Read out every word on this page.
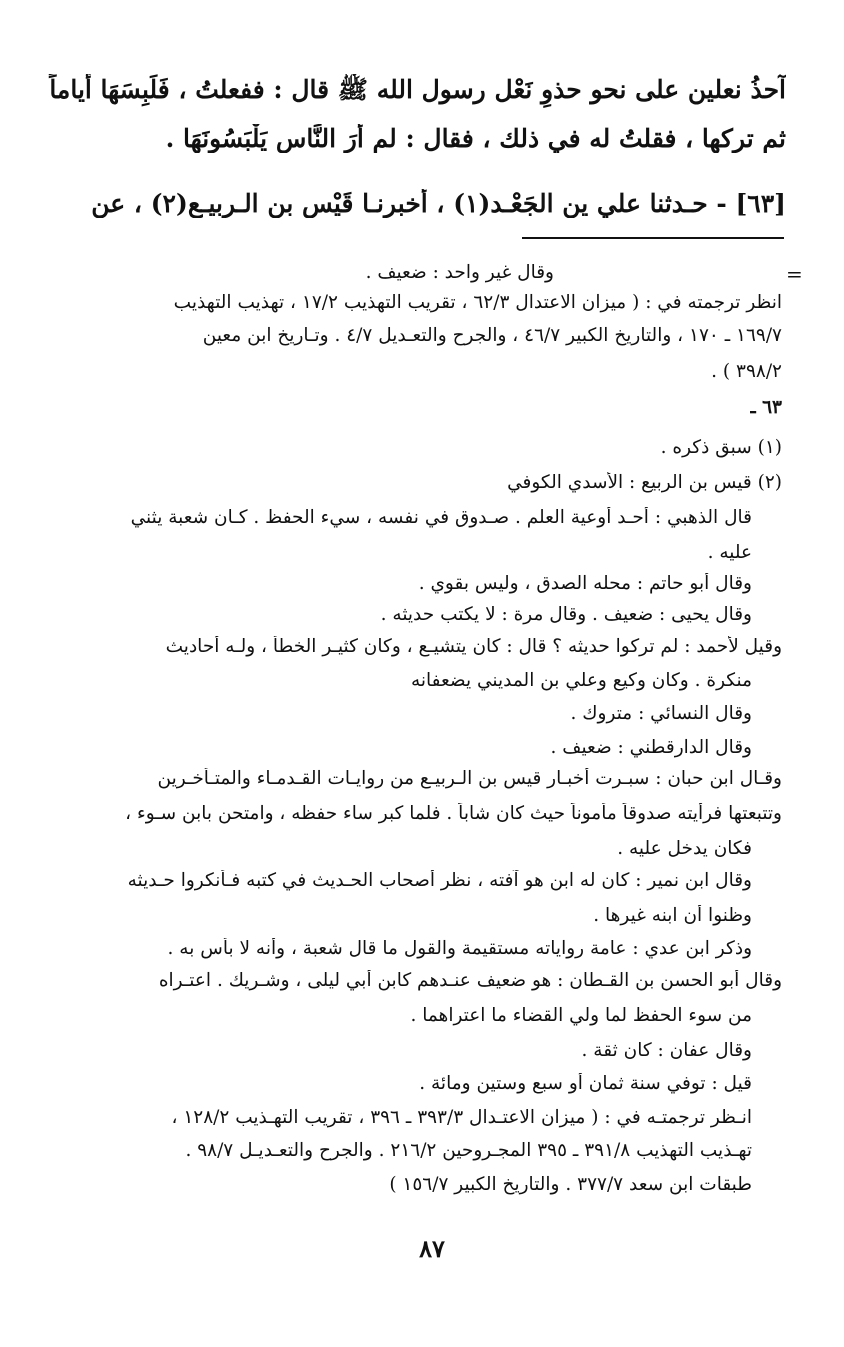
آحذُ نعلين على نحو حذوِ نَعْل رسول الله ﷺ قال : ففعلتُ ، فَلَبِسَهَا أياماً
ثم تركها ، فقلتُ له في ذلك ، فقال : لم أرَ النَّاس يَلْبَسُونَهَا .
[٦٣] - حـدثنا علي ين الجَعْـد(١) ، أخبرنـا قَيْس بن الـربيـع(٢) ، عن
=
وقال غير واحد : ضعيف .
انظر ترجمته في : ( ميزان الاعتدال ٦٢/٣ ، تقريب التهذيب ١٧/٢ ، تهذيب التهذيب
١٦٩/٧ ـ ١٧٠ ، والتاريخ الكبير ٤٦/٧ ، والجرح والتعـديل ٤/٧ . وتـاريخ ابن معين
٣٩٨/٢ ) .
٦٣ ـ
(١) سبق ذكره .
(٢) قيس بن الربيع : الأسدي الكوفي
قال الذهبي : أحـد أوعية العلم . صـدوق في نفسه ، سيء الحفظ . كـان شعبة يثني
عليه .
وقال أبو حاتم : محله الصدق ، وليس بقوي .
وقال يحيى : ضعيف . وقال مرة : لا يكتب حديثه .
وقيل لأحمد : لم تركوا حديثه ؟ قال : كان يتشيـع ، وكان كثيـر الخطأ ، ولـه أحاديث
منكرة . وكان وكيع وعلي بن المديني يضعفانه
وقال النسائي : متروك .
وقال الدارقطني : ضعيف .
وقـال ابن حبان : سبـرت أخبـار قيس بن الـربيـع من روايـات القـدمـاء والمتـأخـرين
وتتبعتها فرأيته صدوقاً مأموناً حيث كان شاباً . فلما كبر ساء حفظه ، وامتحن بابن سـوء ،
فكان يدخل عليه .
وقال ابن نمير : كان له ابن هو آفته ، نظر أصحاب الحـديث في كتبه فـأنكروا حـديثه
وظنوا أن ابنه غيرها .
وذكر ابن عدي : عامة رواياته مستقيمة والقول ما قال شعبة ، وأنه لا بأس به .
وقال أبو الحسن بن القـطان : هو ضعيف عنـدهم كابن أبي ليلى ، وشـريك . اعتـراه
من سوء الحفظ لما ولي القضاء ما اعتراهما .
وقال عفان : كان ثقة .
قيل : توفي سنة ثمان أو سبع وستين ومائة .
انـظر ترجمتـه في : ( ميزان الاعتـدال ٣٩٣/٣ ـ ٣٩٦ ، تقريب التهـذيب ١٢٨/٢ ،
تهـذيب التهذيب ٣٩١/٨ ـ ٣٩٥ المجـروحين ٢١٦/٢ . والجرح والتعـديـل ٩٨/٧ .
طبقات ابن سعد ٣٧٧/٧ . والتاريخ الكبير ١٥٦/٧ )
٨٧
